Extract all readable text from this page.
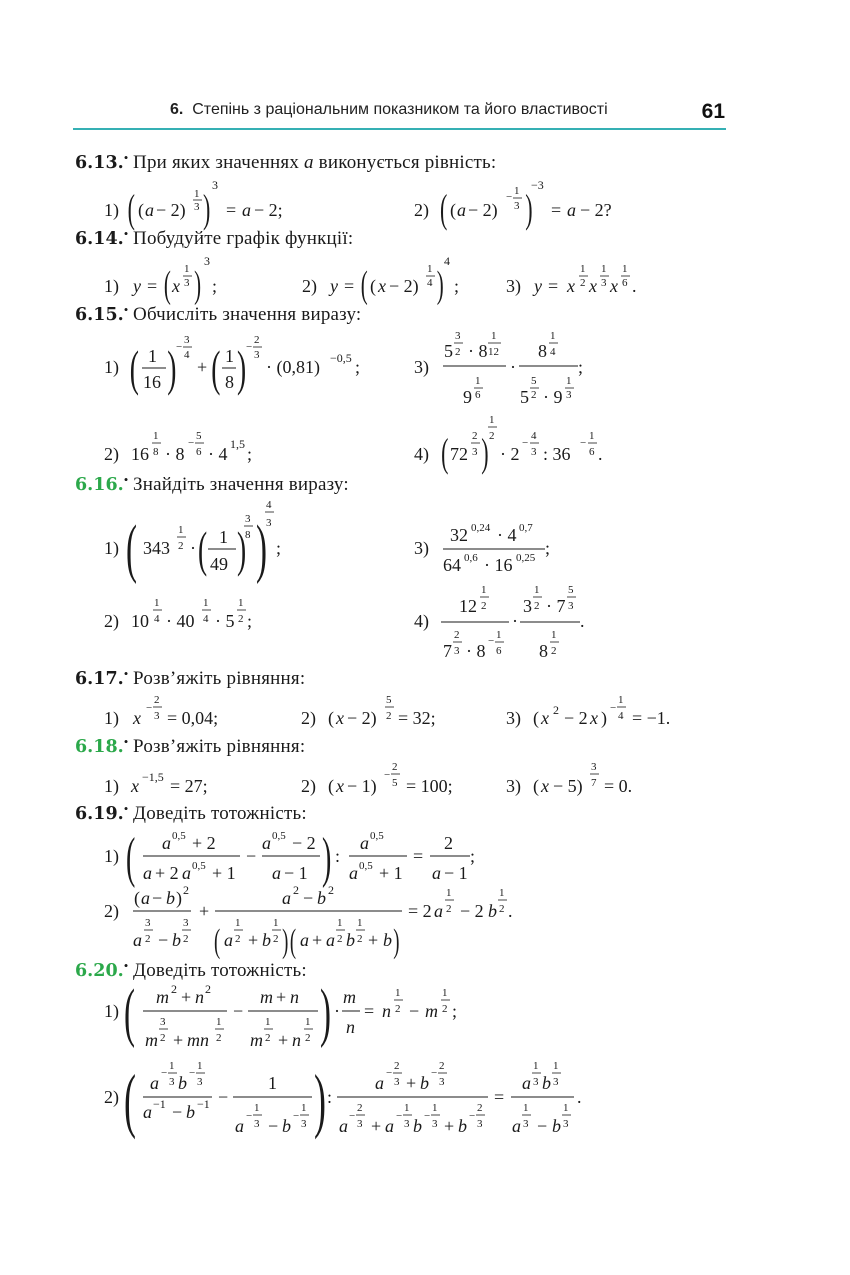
6. Степінь з раціональним показником та його властивості	61
6.13.• При яких значеннях a виконується рівність:
6.14.• Побудуйте графік функції:
6.15.• Обчисліть значення виразу:
6.16.• Знайдіть значення виразу:
6.17.• Розв’яжіть рівняння:
6.18.• Розв’яжіть рівняння:
6.19.• Доведіть тотожність:
6.20.• Доведіть тотожність:
1) ( ( a − 2)
1
3 )
3
= a − 2;	2) ( ( a − 2)
− 1
3 )
−3
= a − 2?
1) y = ( x
1
3 )
3
;	2) y = ( ( x − 2)
1
4 )
4
;	3) y = x
1
2 x
1
3 x
1
6 .
1) ( 1
16 ) −
3
4
+ ( 1
8 ) −
2
3
· (0,81) −0,5 ;	3)
5
3
2 · 8
1
12
9
1
6
·
8
1
4
5
5
2 · 9
1
3
;
2) 16
1
8 · 8
−
5
6 · 4 1,5 ;	4) ( 72
2
3 )
1
2
· 2
−
4
3 : 36
−
1
6 .
1) ( 343
1
2 · ( 1
49 )
3
8 )
4
3
;	3)
32 0,24 · 4 0,7
64 0,6 · 16 0,25 ;
2) 10
1
4 · 40
1
4 · 5
1
2 ;	4)
12
1
2
7
2
3 · 8 − 1
6
·
3
1
2 · 7
5
3
8
1
2
.
1) x −
2
3 = 0,04;	2) ( x − 2)
5
2 = 32;	3) ( x 2 − 2 x ) −
1
4 = −1.
1) x −1,5 = 27;	2) ( x − 1)
−
2
5 = 100;	3) ( x − 5)
3
7 = 0.
1) ( a 0,5 + 2
a + 2 a 0,5 + 1
−
a 0,5 − 2
a − 1 ) :
a 0,5
a 0,5 + 1
=
2
a − 1
;
2)
( a − b ) 2
a
3
2 − b
3
2
+
a 2 − b 2
( a
1
2 + b
1
2 ) ( a + a
1
2 b
1
2 + b )
= 2 a
1
2 − 2 b
1
2 .
1) ( m 2 + n 2
m
3
2 + mn
1
2
−
m + n
m
1
2 + n
1
2 ) ·
m
n
= n
1
2 − m
1
2 ;
2) ( a −
1
3 b −
1
3
a −1 − b −1 −
1
a −
1
3 − b −
1
3 ) :
a −
2
3 + b −
2
3
a −
2
3 + a −
1
3 b −
1
3 + b −
2
3
=
a
1
3 b
1
3
a
1
3 − b
1
3
.
